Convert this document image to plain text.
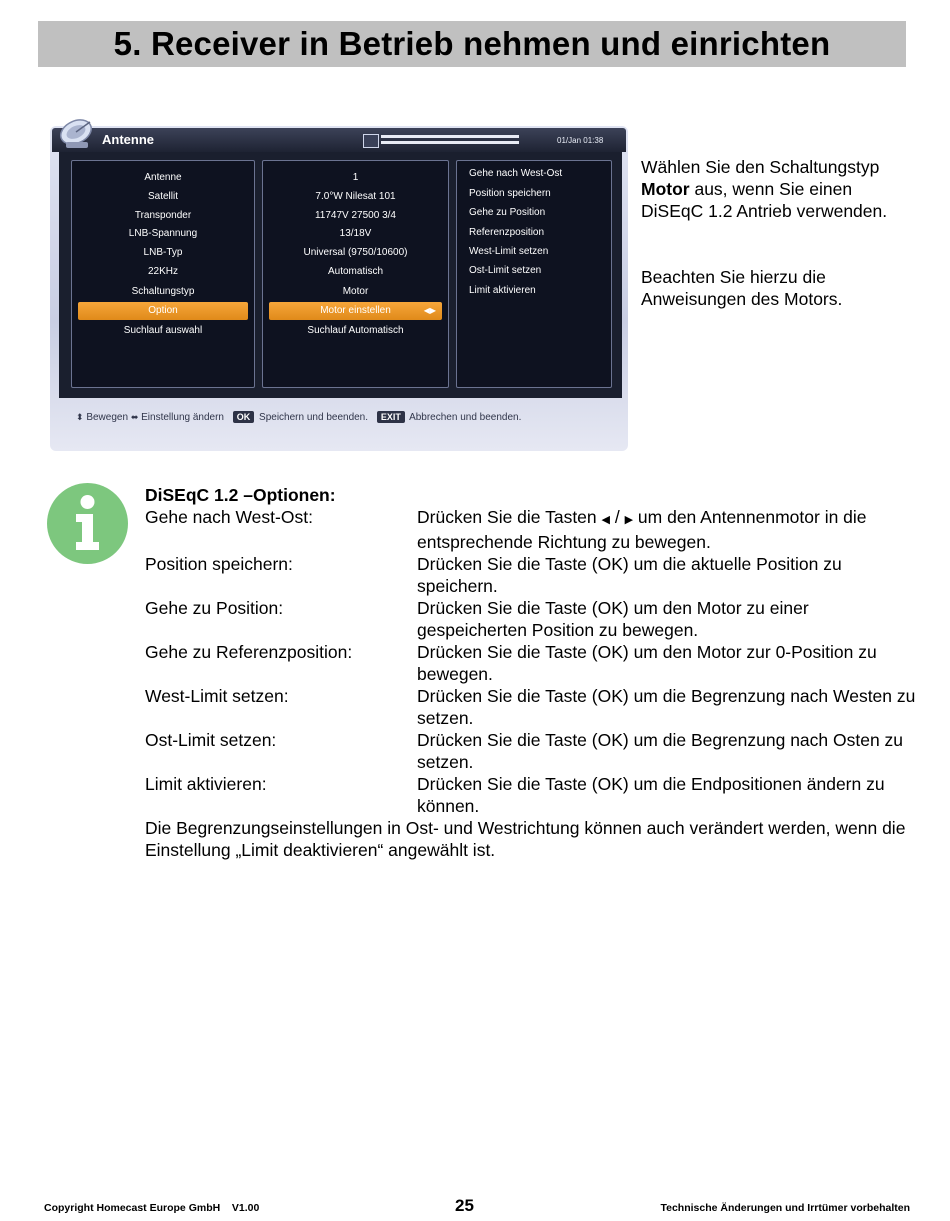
5. Receiver in Betrieb nehmen und einrichten
Antenne	01/Jan 01:38
Antenne
Satellit
Transponder
LNB-Spannung
LNB-Typ
22KHz
Schaltungstyp
Option
Suchlauf auswahl
1
7.0°W Nilesat 101
11747V 27500 3/4
13/18V
Universal (9750/10600)
Automatisch
Motor
Motor einstellen	◀▶
Suchlauf Automatisch
Gehe nach West-Ost
Position speichern
Gehe zu Position
Referenzposition
West-Limit setzen
Ost-Limit setzen
Limit aktivieren
⬍ Bewegen ⬌ Einstellung ändern OK Speichern und beenden. EXIT Abbrechen und beenden.

Wählen Sie den Schaltungstyp Motor aus, wenn Sie einen DiSEqC 1.2 Antrieb verwenden.

Beachten Sie hierzu die Anweisungen des Motors.

DiSEqC 1.2 –Optionen:
Gehe nach West-Ost:	Drücken Sie die Tasten ◀ / ▶ um den Antennenmotor in die entsprechende Richtung zu bewegen.
Position speichern:	Drücken Sie die Taste (OK) um die aktuelle Position zu speichern.
Gehe zu Position:	Drücken Sie die Taste (OK) um den Motor zu einer gespeicherten Position zu bewegen.
Gehe zu Referenzposition:	Drücken Sie die Taste (OK) um den Motor zur 0-Position zu bewegen.
West-Limit setzen:	Drücken Sie die Taste (OK) um die Begrenzung nach Westen zu setzen.
Ost-Limit setzen:	Drücken Sie die Taste (OK) um die Begrenzung nach Osten zu setzen.
Limit aktivieren:	Drücken Sie die Taste (OK) um die Endpositionen ändern zu können.
Die Begrenzungseinstellungen in Ost- und Westrichtung können auch verändert werden, wenn die Einstellung „Limit deaktivieren“ angewählt ist.
Copyright Homecast Europe GmbH    V1.00	25	Technische Änderungen und Irrtümer vorbehalten
